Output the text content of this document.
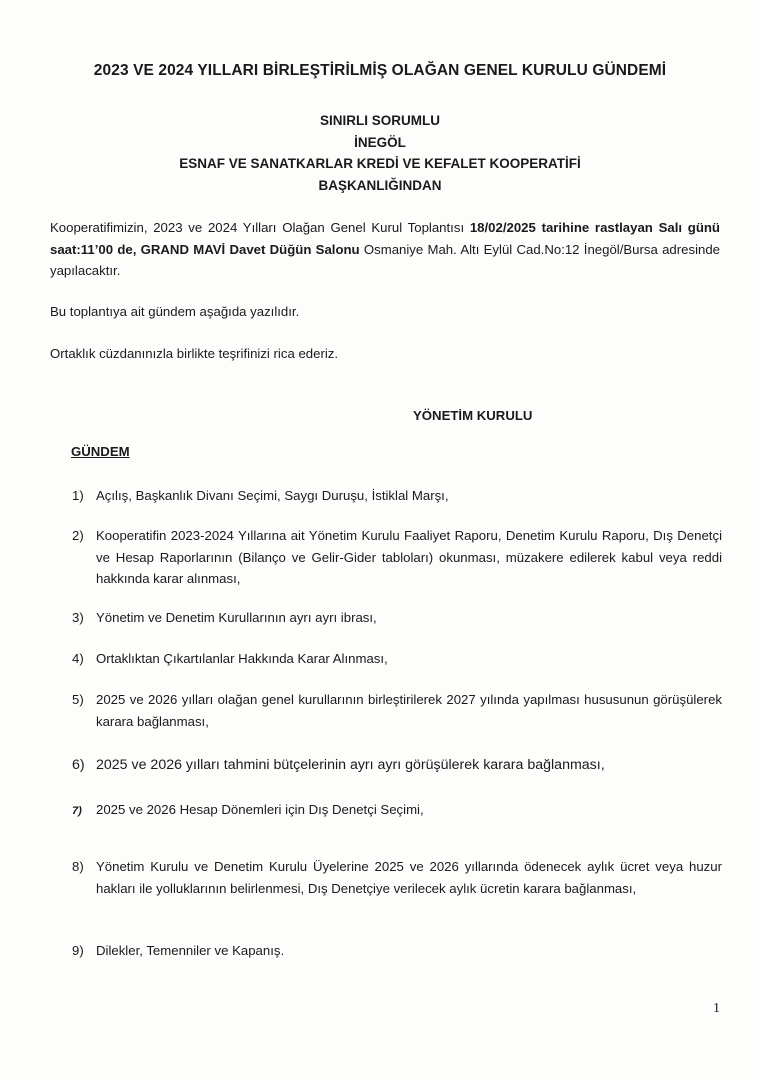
2023 VE 2024 YILLARI BİRLEŞTİRİLMİŞ OLAĞAN GENEL KURULU GÜNDEMİ
SINIRLI SORUMLU
İNEGÖL
ESNAF VE SANATKARLAR KREDİ VE KEFALET KOOPERATİFİ
BAŞKANLIĞINDAN
Kooperatifimizin, 2023 ve 2024 Yılları Olağan Genel Kurul Toplantısı 18/02/2025 tarihine rastlayan Salı günü saat:11’00 de, GRAND MAVİ Davet Düğün Salonu Osmaniye Mah. Altı Eylül Cad.No:12 İnegöl/Bursa adresinde yapılacaktır.
Bu toplantıya ait gündem aşağıda yazılıdır.
Ortaklık cüzdanınızla birlikte teşrifinizi rica ederiz.
YÖNETİM KURULU
GÜNDEM
1) Açılış, Başkanlık Divanı Seçimi, Saygı Duruşu, İstiklal Marşı,
2) Kooperatifin 2023-2024 Yıllarına ait Yönetim Kurulu Faaliyet Raporu, Denetim Kurulu Raporu, Dış Denetçi ve Hesap Raporlarının (Bilanço ve Gelir-Gider tabloları) okunması, müzakere edilerek kabul veya reddi hakkında karar alınması,
3) Yönetim ve Denetim Kurullarının ayrı ayrı ibrası,
4) Ortaklıktan Çıkartılanlar Hakkında Karar Alınması,
5) 2025 ve 2026 yılları olağan genel kurullarının birleştirilerek 2027 yılında yapılması hususunun görüşülerek karara bağlanması,
6) 2025 ve 2026 yılları tahmini bütçelerinin ayrı ayrı görüşülerek karara bağlanması,
7)	2025 ve 2026 Hesap Dönemleri için Dış Denetçi Seçimi,
8) Yönetim Kurulu ve Denetim Kurulu Üyelerine 2025 ve 2026 yıllarında ödenecek aylık ücret veya huzur hakları ile yolluklarının belirlenmesi, Dış Denetçiye verilecek aylık ücretin karara bağlanması,
9) Dilekler, Temenniler ve Kapanış.
1
